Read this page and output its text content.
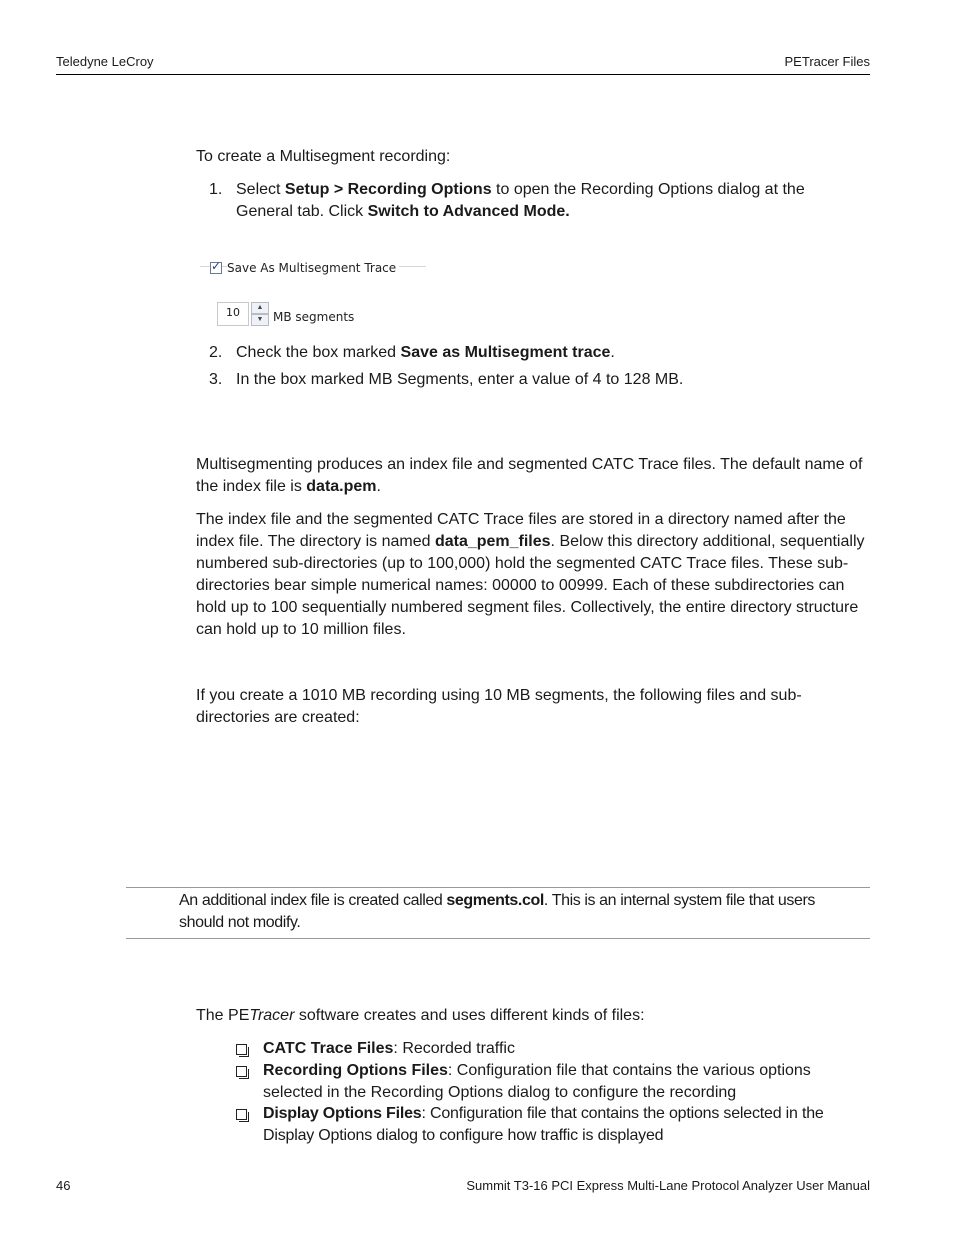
Teledyne LeCroy	PETracer Files
To create a Multisegment recording:
1. Select Setup > Recording Options to open the Recording Options dialog at the General tab. Click Switch to Advanced Mode.
✓ Save As Multisegment Trace
10	▲
▼ MB segments
2. Check the box marked Save as Multisegment trace.
3. In the box marked MB Segments, enter a value of 4 to 128 MB.
Multisegmenting produces an index file and segmented CATC Trace files. The default name of the index file is data.pem.
The index file and the segmented CATC Trace files are stored in a directory named after the index file. The directory is named data_pem_files. Below this directory additional, sequentially numbered sub-directories (up to 100,000) hold the segmented CATC Trace files. These sub-directories bear simple numerical names: 00000 to 00999. Each of these subdirectories can hold up to 100 sequentially numbered segment files. Collectively, the entire directory structure can hold up to 10 million files.
If you create a 1010 MB recording using 10 MB segments, the following files and sub-directories are created:
An additional index file is created called segments.col. This is an internal system file that users should not modify.
The PETracer software creates and uses different kinds of files:
CATC Trace Files: Recorded traffic
Recording Options Files: Configuration file that contains the various options selected in the Recording Options dialog to configure the recording
Display Options Files: Configuration file that contains the options selected in the Display Options dialog to configure how traffic is displayed
46	Summit T3-16 PCI Express Multi-Lane Protocol Analyzer User Manual
